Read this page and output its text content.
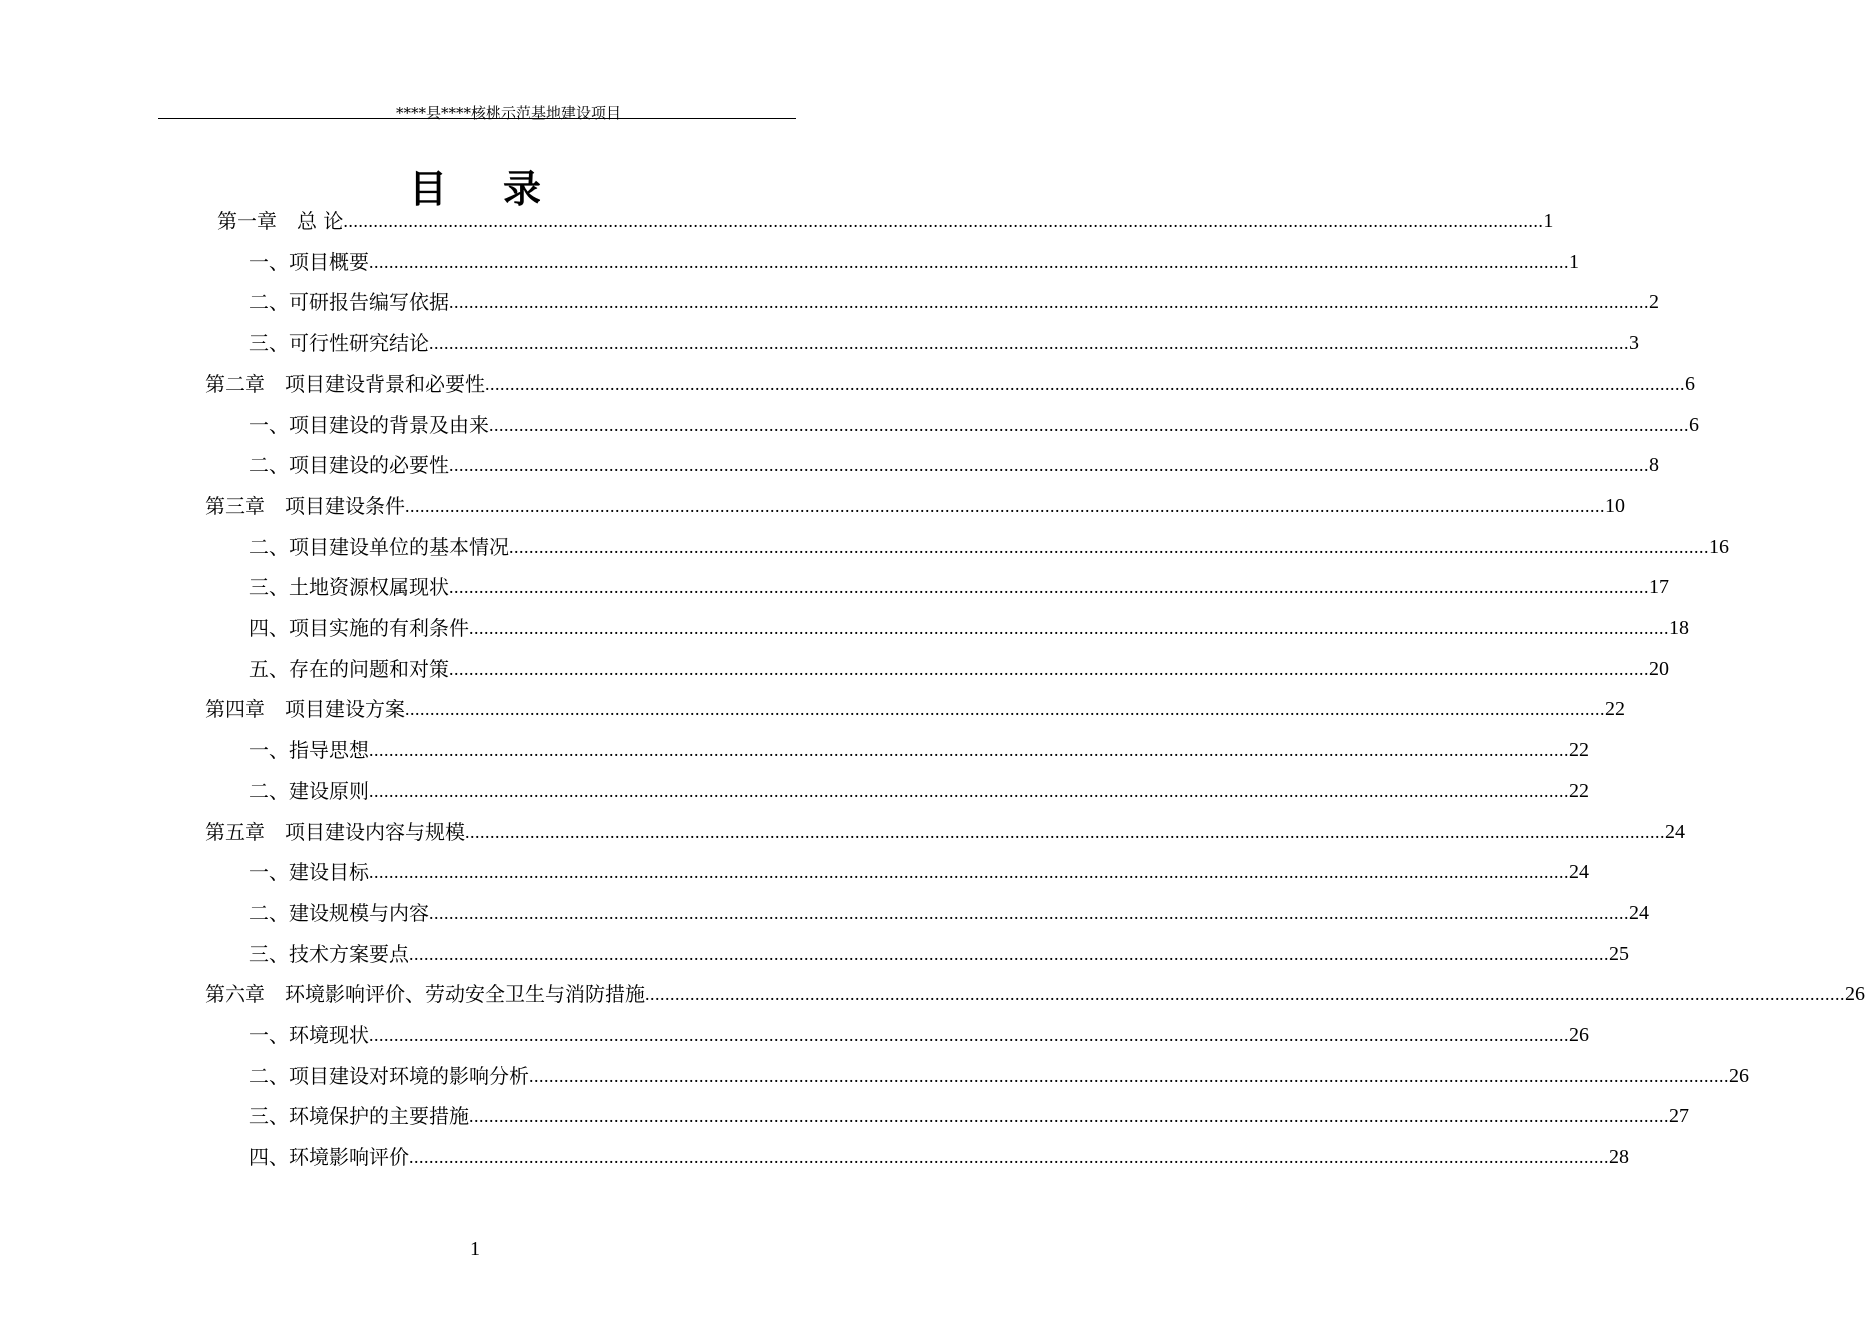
****县****核桃示范基地建设项目
目录
第一章　总 论 ................................................................................................................................................................................................................................................ 1
一、项目概要 ................................................................................................................................................................................................................................................ 1
二、可研报告编写依据 ................................................................................................................................................................................................................................................ 2
三、可行性研究结论 ................................................................................................................................................................................................................................................ 3
第二章　项目建设背景和必要性 ................................................................................................................................................................................................................................................ 6
一、项目建设的背景及由来 ................................................................................................................................................................................................................................................ 6
二、项目建设的必要性 ................................................................................................................................................................................................................................................ 8
第三章　项目建设条件 ................................................................................................................................................................................................................................................ 10
二、项目建设单位的基本情况 ................................................................................................................................................................................................................................................ 16
三、土地资源权属现状 ................................................................................................................................................................................................................................................ 17
四、项目实施的有利条件 ................................................................................................................................................................................................................................................ 18
五、存在的问题和对策 ................................................................................................................................................................................................................................................ 20
第四章　项目建设方案 ................................................................................................................................................................................................................................................ 22
一、指导思想 ................................................................................................................................................................................................................................................ 22
二、建设原则 ................................................................................................................................................................................................................................................ 22
第五章　项目建设内容与规模 ................................................................................................................................................................................................................................................ 24
一、建设目标 ................................................................................................................................................................................................................................................ 24
二、建设规模与内容 ................................................................................................................................................................................................................................................ 24
三、技术方案要点 ................................................................................................................................................................................................................................................ 25
第六章　环境影响评价、劳动安全卫生与消防措施 ................................................................................................................................................................................................................................................ 26
一、环境现状 ................................................................................................................................................................................................................................................ 26
二、项目建设对环境的影响分析 ................................................................................................................................................................................................................................................ 26
三、环境保护的主要措施 ................................................................................................................................................................................................................................................ 27
四、环境影响评价 ................................................................................................................................................................................................................................................ 28
1
